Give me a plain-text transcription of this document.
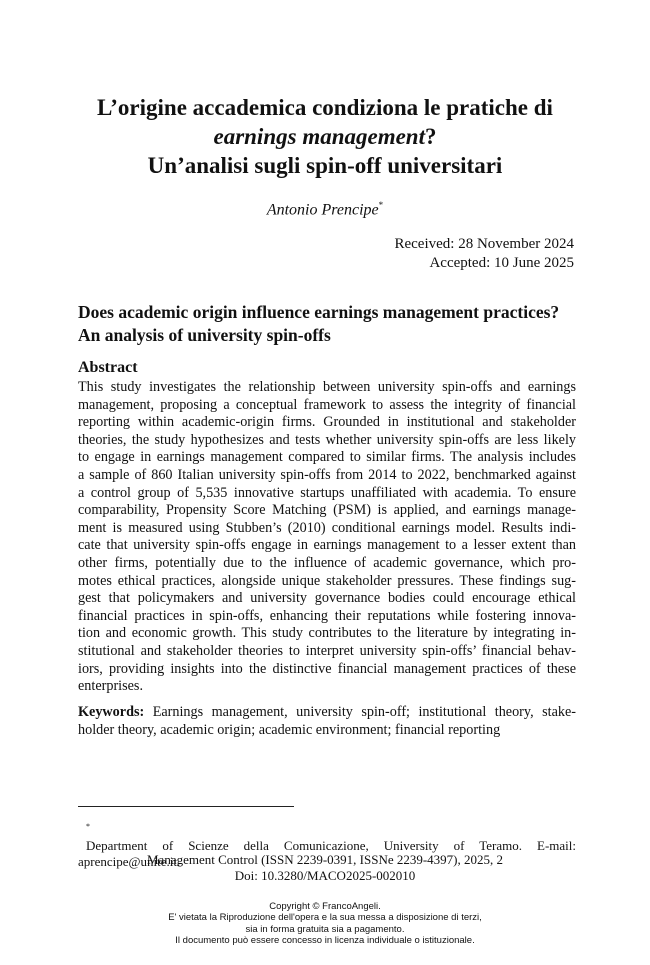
L’origine accademica condiziona le pratiche di
earnings management?
Un’analisi sugli spin-off universitari
Antonio Prencipe*
Received: 28 November 2024
Accepted: 10 June 2025
Does academic origin influence earnings management practices?
An analysis of university spin-offs
Abstract
This study investigates the relationship between university spin-offs and earnings
management, proposing a conceptual framework to assess the integrity of financial
reporting within academic-origin firms. Grounded in institutional and stakeholder
theories, the study hypothesizes and tests whether university spin-offs are less likely
to engage in earnings management compared to similar firms. The analysis includes
a sample of 860 Italian university spin-offs from 2014 to 2022, benchmarked against
a control group of 5,535 innovative startups unaffiliated with academia. To ensure
comparability, Propensity Score Matching (PSM) is applied, and earnings manage-
ment is measured using Stubben’s (2010) conditional earnings model. Results indi-
cate that university spin-offs engage in earnings management to a lesser extent than
other firms, potentially due to the influence of academic governance, which pro-
motes ethical practices, alongside unique stakeholder pressures. These findings sug-
gest that policymakers and university governance bodies could encourage ethical
financial practices in spin-offs, enhancing their reputations while fostering innova-
tion and economic growth. This study contributes to the literature by integrating in-
stitutional and stakeholder theories to interpret university spin-offs’ financial behav-
iors, providing insights into the distinctive financial management practices of these
enterprises.
Keywords: Earnings management, university spin-off; institutional theory, stake-
holder theory, academic origin; academic environment; financial reporting
*
Department of Scienze della Comunicazione, University of Teramo. E-mail:
aprencipe@unite.it.
Management Control (ISSN 2239-0391, ISSNe 2239-4397), 2025, 2
Doi: 10.3280/MACO2025-002010
Copyright © FrancoAngeli.
E' vietata la Riproduzione dell'opera e la sua messa a disposizione di terzi,
sia in forma gratuita sia a pagamento.
Il documento può essere concesso in licenza individuale o istituzionale.
